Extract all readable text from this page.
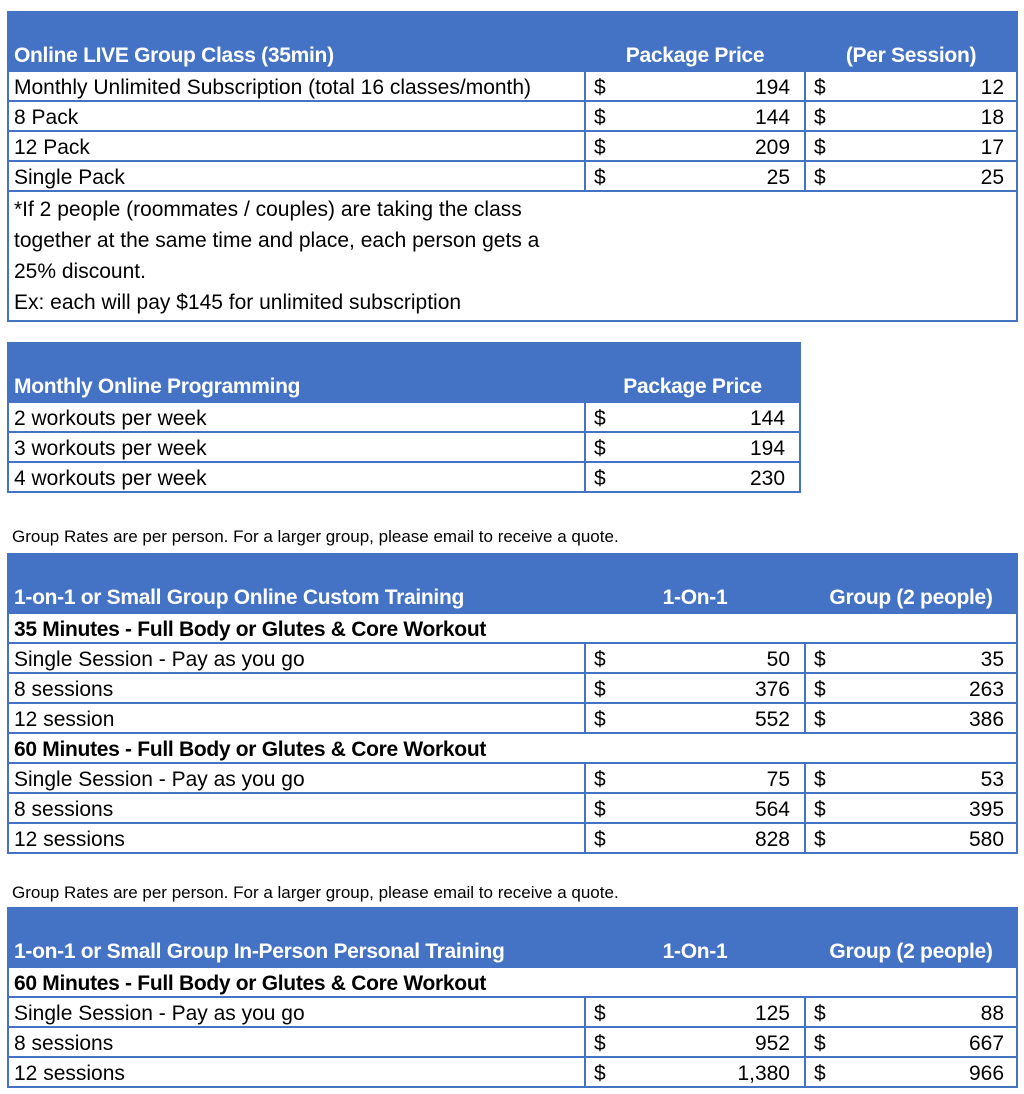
Online LIVE Group Class (35min)	Package Price		(Per Session)	
Monthly Unlimited Subscription (total 16 classes/month)	$	194	$	12
8 Pack	$	144	$	18
12 Pack	$	209	$	17
Single Pack	$	25	$	25

*If 2 people (roommates / couples) are taking the class together at the same time and place, each person gets a 25% discount.
Ex: each will pay $145 for unlimited subscription				

Monthly Online Programming	Package Price	
2 workouts per week	$	144
3 workouts per week	$	194
4 workouts per week	$	230
Group Rates are per person. For a larger group, please email to receive a quote.
1-on-1 or Small Group Online Custom Training	1-On-1		Group (2 people)	
35 Minutes - Full Body or Glutes & Core Workout				
Single Session - Pay as you go	$	50	$	35
8 sessions	$	376	$	263
12 session	$	552	$	386
60 Minutes - Full Body or Glutes & Core Workout				
Single Session - Pay as you go	$	75	$	53
8 sessions	$	564	$	395
12 sessions	$	828	$	580
Group Rates are per person. For a larger group, please email to receive a quote.
1-on-1 or Small Group In-Person Personal Training	1-On-1		Group (2 people)	
60 Minutes - Full Body or Glutes & Core Workout				
Single Session - Pay as you go	$	125	$	88
8 sessions	$	952	$	667
12 sessions	$	1,380	$	966
